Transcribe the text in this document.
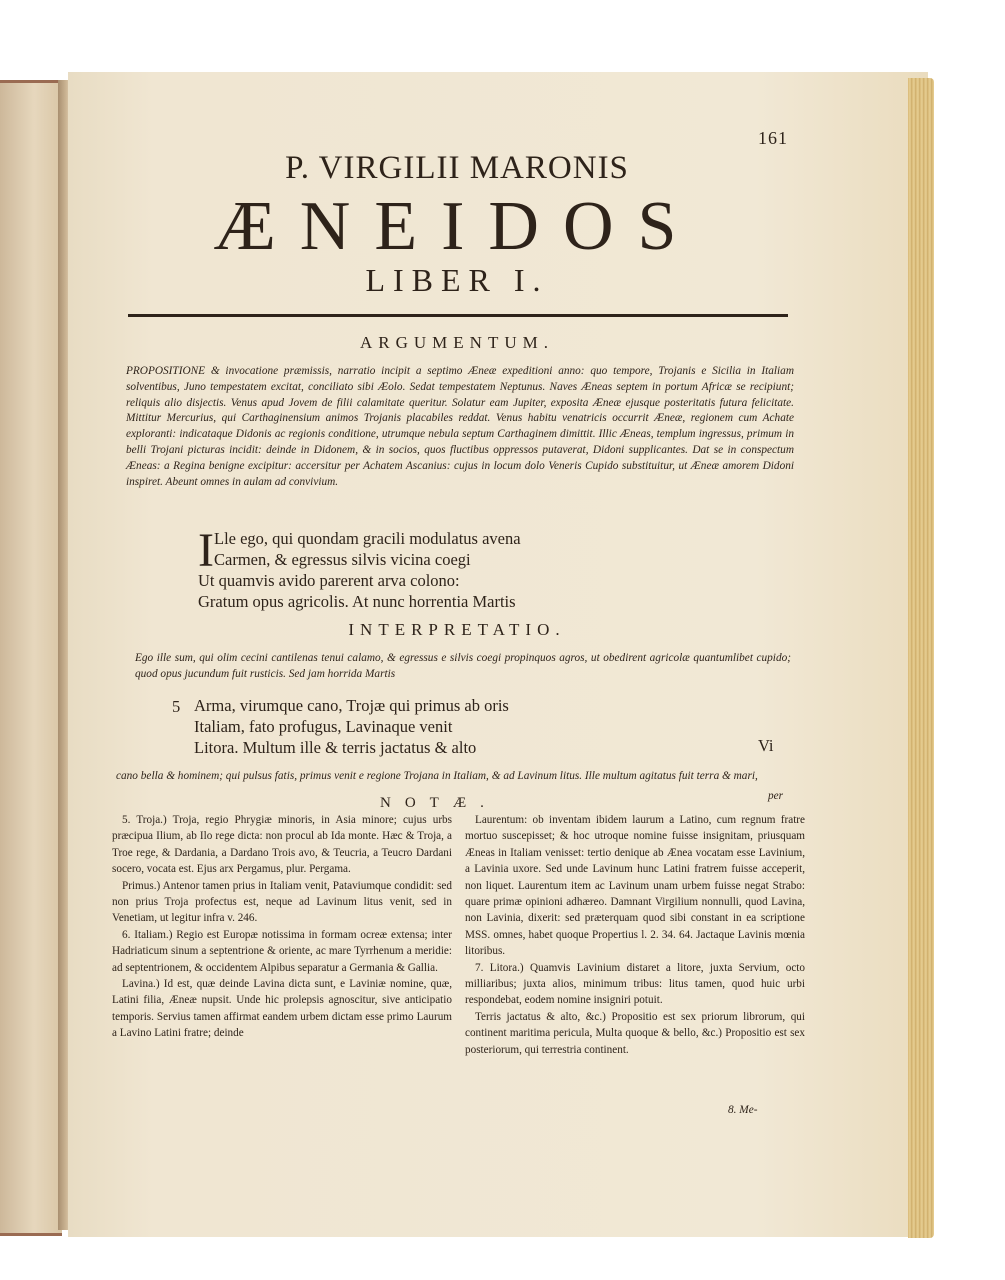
161
P. VIRGILII MARONIS
ÆNEIDOS
LIBER I.
ARGUMENTUM.
PROPOSITIONE & invocatione præmissis, narratio incipit a septimo Æneæ expeditioni anno: quo tempore, Trojanis e Sicilia in Italiam solventibus, Juno tempestatem excitat, conciliato sibi Æolo. Sedat tempestatem Neptunus. Naves Æneas septem in portum Africæ se recipiunt; reliquis alio disjectis. Venus apud Jovem de filii calamitate queritur. Solatur eam Jupiter, exposita Æneæ ejusque posteritatis futura felicitate. Mittitur Mercurius, qui Carthaginensium animos Trojanis placabiles reddat. Venus habitu venatricis occurrit Æneæ, regionem cum Achate exploranti: indicataque Didonis ac regionis conditione, utrumque nebula septum Carthaginem dimittit. Illic Æneas, templum ingressus, primum in belli Trojani picturas incidit: deinde in Didonem, & in socios, quos fluctibus oppressos putaverat, Didoni supplicantes. Dat se in conspectum Æneas: a Regina benigne excipitur: accersitur per Achatem Ascanius: cujus in locum dolo Veneris Cupido substituitur, ut Æneæ amorem Didoni inspiret. Abeunt omnes in aulam ad convivium.
I Lle ego, qui quondam gracili modulatus avena
Carmen, & egressus silvis vicina coegi
Ut quamvis avido parerent arva colono:
Gratum opus agricolis. At nunc horrentia Martis
INTERPRETATIO.
Ego ille sum, qui olim cecini cantilenas tenui calamo, & egressus e silvis coegi propinquos agros, ut obedirent agricolæ quantumlibet cupido; quod opus jucundum fuit rusticis. Sed jam horrida Martis
5 Arma, virumque cano, Trojæ qui primus ab oris
Italiam, fato profugus, Lavinaque venit
Litora. Multum ille & terris jactatus & alto	Vi
cano bella & hominem; qui pulsus fatis, primus venit e regione Trojana in Italiam, & ad Lavinum litus. Ille multum agitatus fuit terra & mari,
per
NOTÆ.

5. Troja.) Troja, regio Phrygiæ minoris, in Asia minore; cujus urbs præcipua Ilium, ab Ilo rege dicta: non procul ab Ida monte. Hæc & Troja, a Troe rege, & Dardania, a Dardano Trois avo, & Teucria, a Teucro Dardani socero, vocata est. Ejus arx Pergamus, plur. Pergama.

Primus.) Antenor tamen prius in Italiam venit, Pataviumque condidit: sed non prius Troja profectus est, neque ad Lavinum litus venit, sed in Venetiam, ut legitur infra v. 246.

6. Italiam.) Regio est Europæ notissima in formam ocreæ extensa; inter Hadriaticum sinum a septentrione & oriente, ac mare Tyrrhenum a meridie: ad septentrionem, & occidentem Alpibus separatur a Germania & Gallia.

Lavina.) Id est, quæ deinde Lavina dicta sunt, e Laviniæ nomine, quæ, Latini filia, Æneæ nupsit. Unde hic prolepsis agnoscitur, sive anticipatio temporis. Servius tamen affirmat eandem urbem dictam esse primo Laurum a Lavino Latini fratre; deinde

Laurentum: ob inventam ibidem laurum a Latino, cum regnum fratre mortuo suscepisset; & hoc utroque nomine fuisse insignitam, priusquam Æneas in Italiam venisset: tertio denique ab Ænea vocatam esse Lavinium, a Lavinia uxore. Sed unde Lavinum hunc Latini fratrem fuisse acceperit, non liquet. Laurentum item ac Lavinum unam urbem fuisse negat Strabo: quare primæ opinioni adhæreo. Damnant Virgilium nonnulli, quod Lavina, non Lavinia, dixerit: sed præterquam quod sibi constant in ea scriptione MSS. omnes, habet quoque Propertius l. 2. 34. 64. Jactaque Lavinis mœnia litoribus.

7. Litora.) Quamvis Lavinium distaret a litore, juxta Servium, octo milliaribus; juxta alios, minimum tribus: litus tamen, quod huic urbi respondebat, eodem nomine insigniri potuit.

Terris jactatus & alto, &c.) Propositio est sex priorum librorum, qui continent maritima pericula, Multa quoque & bello, &c.) Propositio est sex posteriorum, qui terrestria continent.

8. Me-
